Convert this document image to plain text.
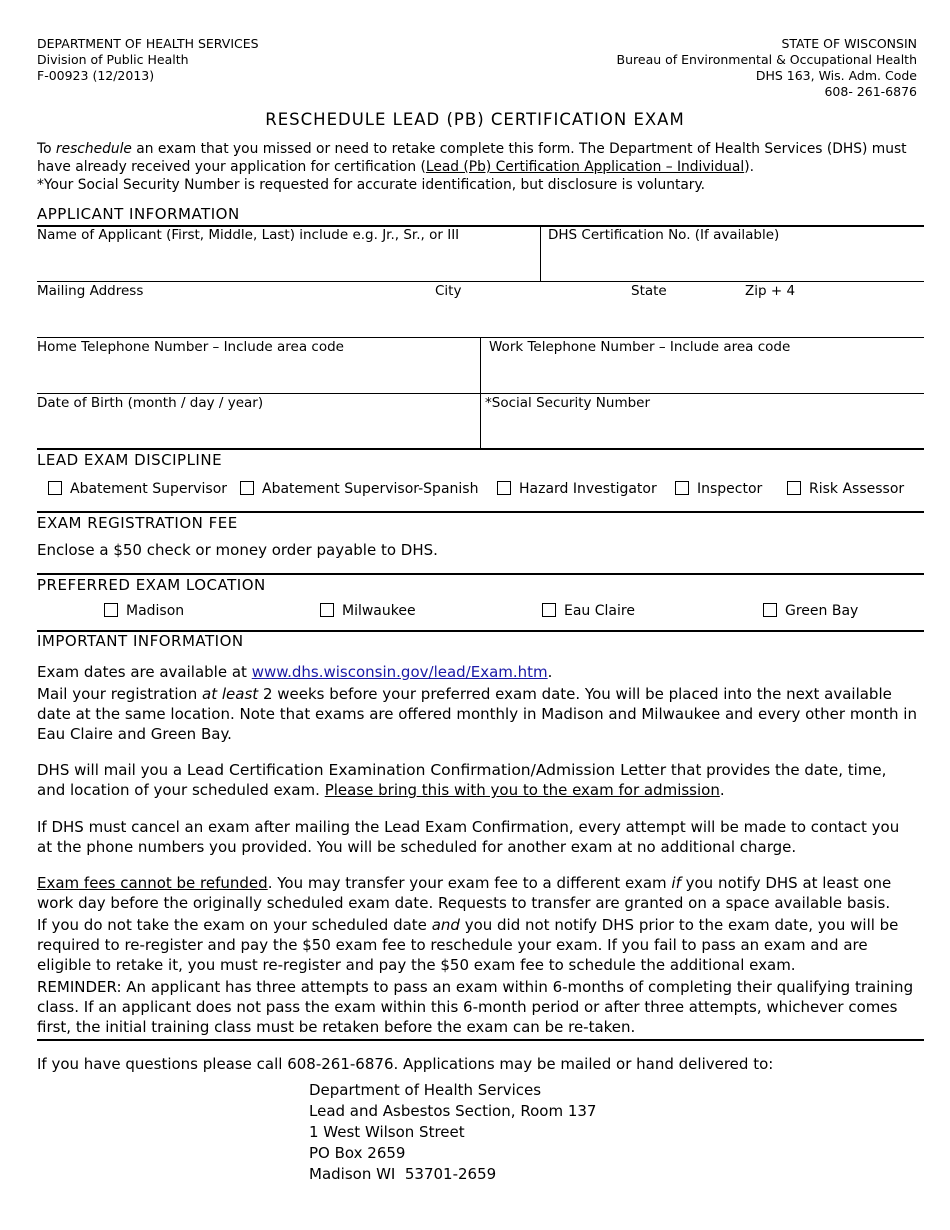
DEPARTMENT OF HEALTH SERVICES
Division of Public Health
F-00923 (12/2013)
STATE OF WISCONSIN
Bureau of Environmental & Occupational Health
DHS 163, Wis. Adm. Code
608- 261-6876
RESCHEDULE LEAD (PB) CERTIFICATION EXAM
To reschedule an exam that you missed or need to retake complete this form. The Department of Health Services (DHS) must have already received your application for certification (Lead (Pb) Certification Application – Individual).
*Your Social Security Number is requested for accurate identification, but disclosure is voluntary.
APPLICANT INFORMATION
Name of Applicant (First, Middle, Last) include e.g. Jr., Sr., or III	DHS Certification No. (If available)
Mailing Address	City	State	Zip + 4
Home Telephone Number – Include area code	Work Telephone Number – Include area code
Date of Birth (month / day / year)	*Social Security Number
LEAD EXAM DISCIPLINE
Abatement Supervisor	Abatement Supervisor-Spanish	Hazard Investigator	Inspector	Risk Assessor
EXAM REGISTRATION FEE
Enclose a $50 check or money order payable to DHS.
PREFERRED EXAM LOCATION
Madison	Milwaukee	Eau Claire	Green Bay
IMPORTANT INFORMATION
Exam dates are available at www.dhs.wisconsin.gov/lead/Exam.htm.
Mail your registration at least 2 weeks before your preferred exam date. You will be placed into the next available date at the same location. Note that exams are offered monthly in Madison and Milwaukee and every other month in Eau Claire and Green Bay.
DHS will mail you a Lead Certification Examination Confirmation/Admission Letter that provides the date, time, and location of your scheduled exam. Please bring this with you to the exam for admission.
If DHS must cancel an exam after mailing the Lead Exam Confirmation, every attempt will be made to contact you at the phone numbers you provided. You will be scheduled for another exam at no additional charge.
Exam fees cannot be refunded. You may transfer your exam fee to a different exam if you notify DHS at least one work day before the originally scheduled exam date. Requests to transfer are granted on a space available basis.
If you do not take the exam on your scheduled date and you did not notify DHS prior to the exam date, you will be required to re-register and pay the $50 exam fee to reschedule your exam. If you fail to pass an exam and are eligible to retake it, you must re-register and pay the $50 exam fee to schedule the additional exam.
REMINDER: An applicant has three attempts to pass an exam within 6-months of completing their qualifying training class. If an applicant does not pass the exam within this 6-month period or after three attempts, whichever comes first, the initial training class must be retaken before the exam can be re-taken.
If you have questions please call 608-261-6876. Applications may be mailed or hand delivered to:
Department of Health Services
Lead and Asbestos Section, Room 137
1 West Wilson Street
PO Box 2659
Madison WI  53701-2659
